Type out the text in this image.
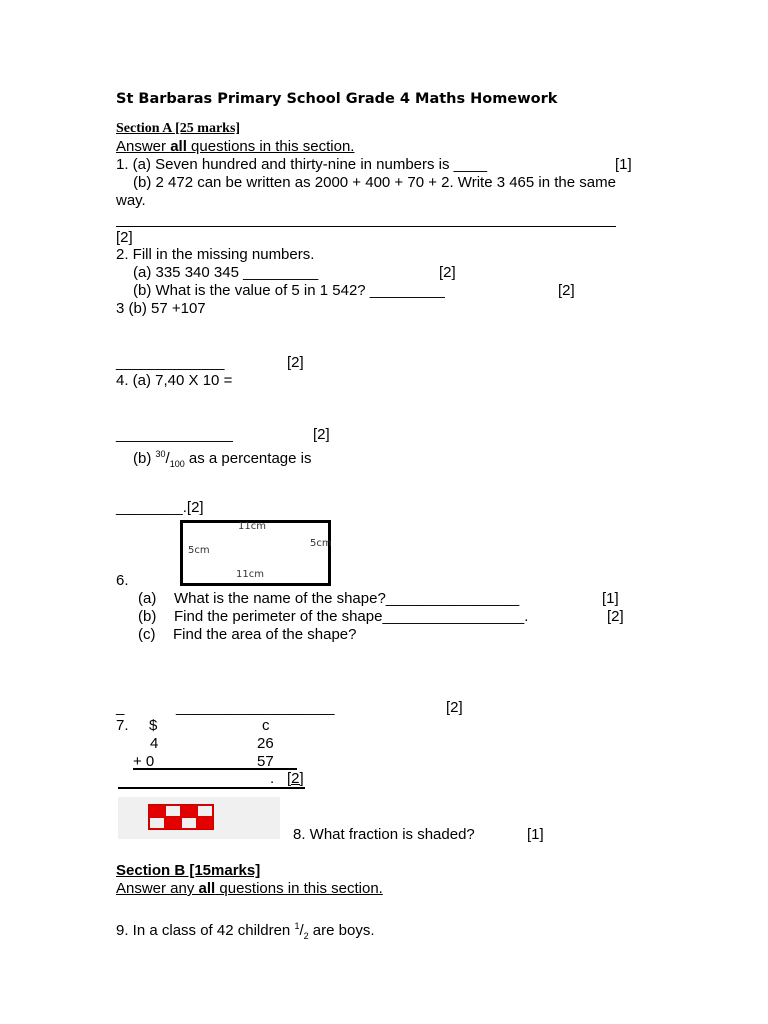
St Barbaras Primary School Grade 4 Maths Homework
Section A [25 marks]
Answer all questions in this section.
1. (a) Seven hundred and thirty-nine in numbers is ____	[1]
(b) 2 472 can be written as 2000 + 400 + 70 + 2. Write 3 465 in the same
way.
[2]
2. Fill in the missing numbers.
(a) 335 340 345 _________	[2]
(b) What is the value of 5 in 1 542? _________	[2]
3 (b) 57 +107
_____________	[2]
4. (a) 7,40 X 10 =
______________	[2]
(b) $^{30}/_{100}$ as a percentage is
________.[2]
11cm
5cm
5cm
11cm
6.
(a) What is the name of the shape?________________	[1]
(b) Find the perimeter of the shape_________________.	[2]
(c) Find the area of the shape?
_	___________________	[2]
7. $	c
4	26
+ 0	57
. [2]
8. What fraction is shaded?	[1]
Section B [15marks]
Answer any all questions in this section.
9. In a class of 42 children $^1/_2$ are boys.
